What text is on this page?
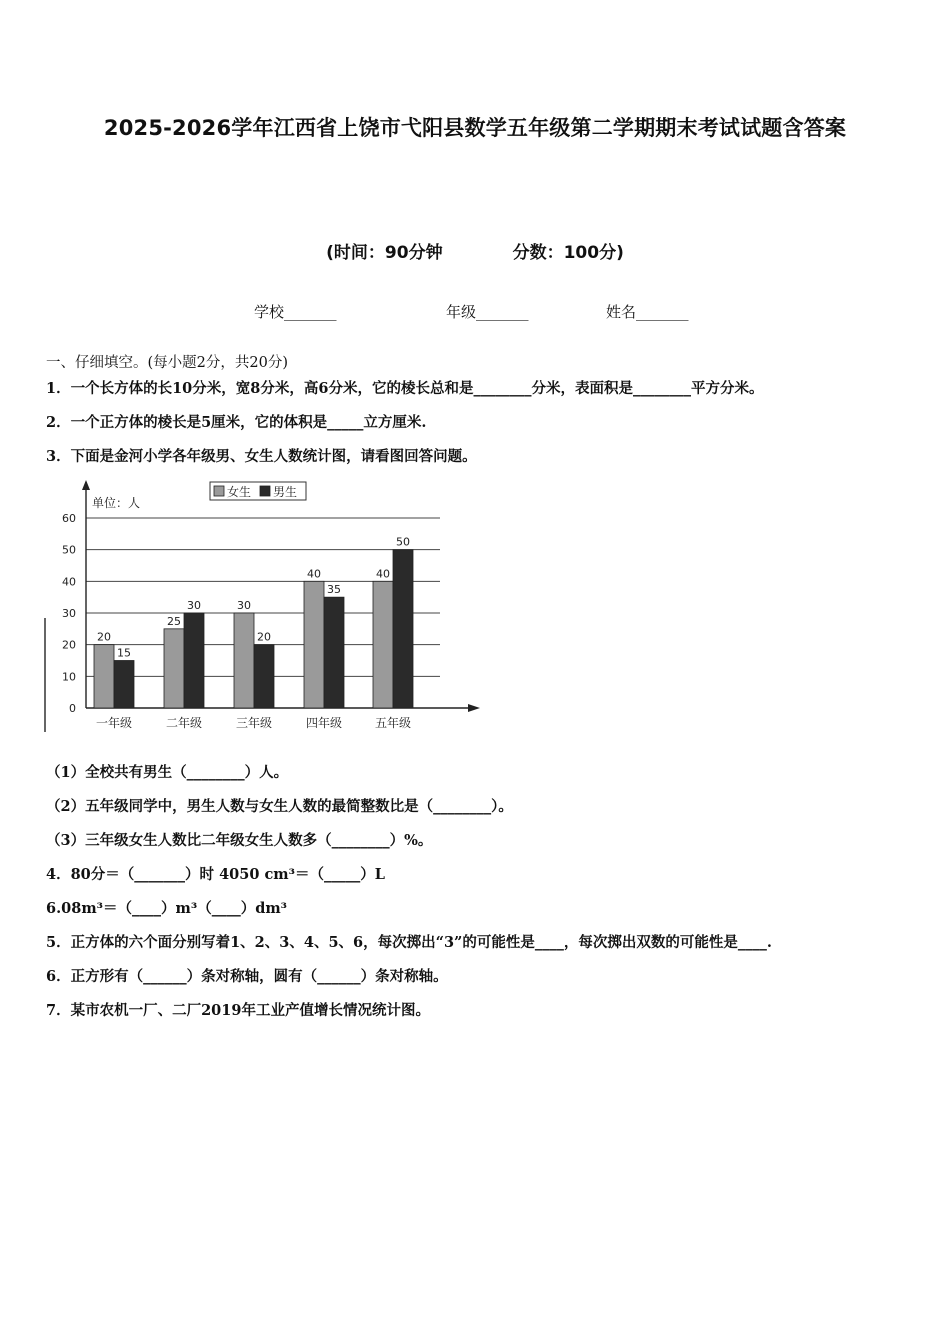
2025-2026学年江西省上饶市弋阳县数学五年级第二学期期末考试试题含答案
(时间：90分钟	分数：100分)
学校_______	年级_______	姓名_______
一、仔细填空。(每小题2分，共20分)
1．一个长方体的长10分米，宽8分米，高6分米，它的棱长总和是________分米，表面积是________平方分米。
2．一个正方体的棱长是5厘米，它的体积是_____立方厘米.
3．下面是金河小学各年级男、女生人数统计图，请看图回答问题。
0
10
20
30
40
50
60
单位：人
女生 男生
20
15
一年级
25
30
二年级
30
20
三年级
40
35
四年级
40
50
五年级
（1）全校共有男生（________）人。
（2）五年级同学中，男生人数与女生人数的最简整数比是（________）。
（3）三年级女生人数比二年级女生人数多（________）%。
4．80分＝（_______）时 4050 cm³＝（_____）L
6.08m³＝（____）m³（____）dm³
5．正方体的六个面分别写着1、2、3、4、5、6，每次掷出“3”的可能性是____，每次掷出双数的可能性是____.
6．正方形有（______）条对称轴，圆有（______）条对称轴。
7．某市农机一厂、二厂2019年工业产值增长情况统计图。
